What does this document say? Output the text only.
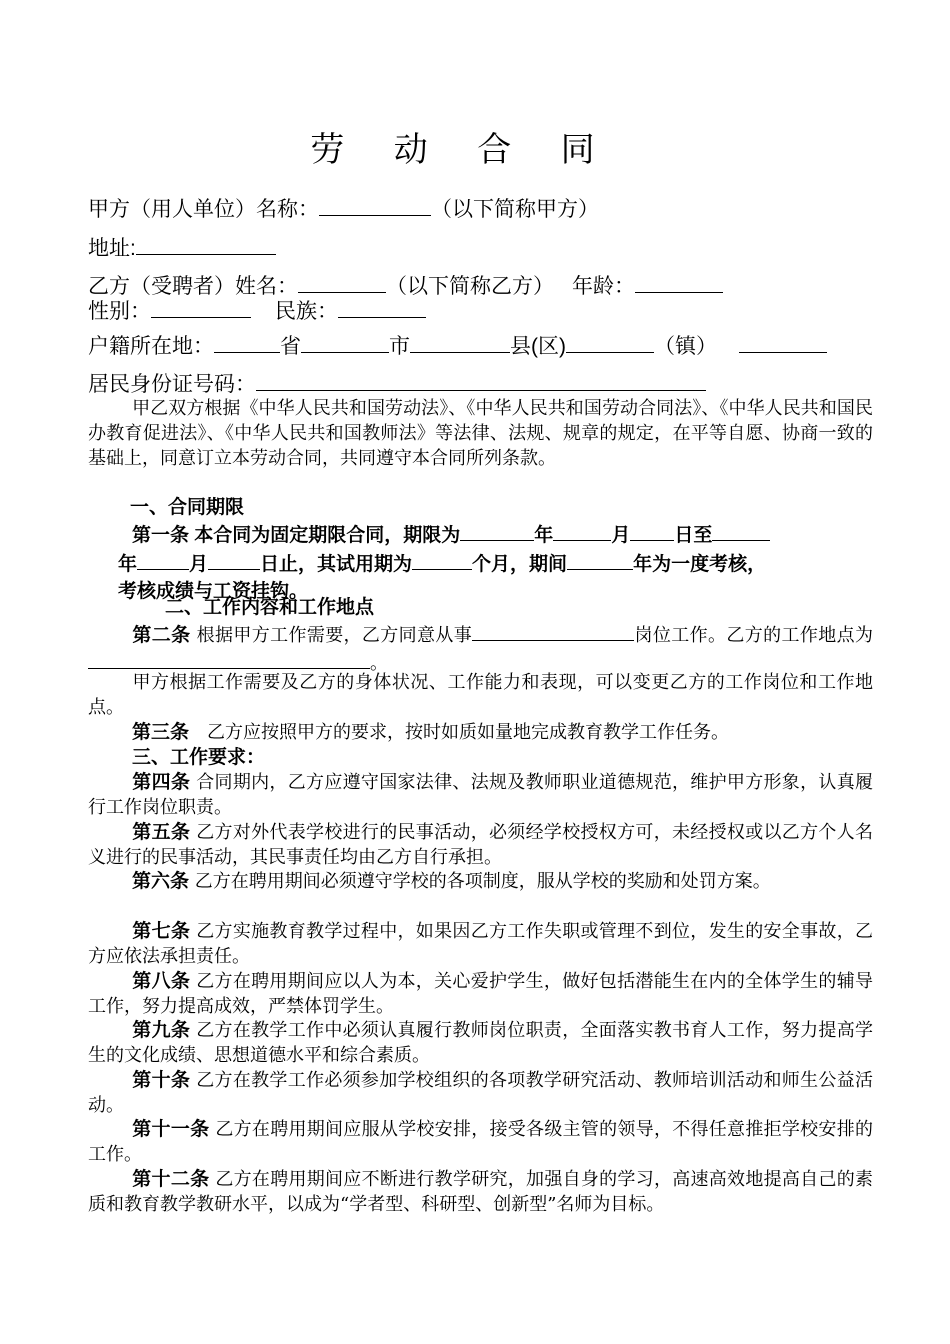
劳 动 合 同
甲方（用人单位）名称：	（以下简称甲方）
地址:
乙方（受聘者）姓名：	（以下简称乙方） 年龄：
性别：	民族：
户籍所在地：	省	市	县(区)	（镇）
居民身份证号码：
甲乙双方根据《中华人民共和国劳动法》、《中华人民共和国劳动合同法》、《中华人民共和国民办教育促进法》、《中华人民共和国教师法》等法律、法规、规章的规定，在平等自愿、协商一致的基础上，同意订立本劳动合同，共同遵守本合同所列条款。
一、合同期限
第一条 本合同为固定期限合同，期限为	年	月 日至
年	月	日止，其试用期为	个月，期间	年为一度考核，
考核成绩与工资挂钩。
二、工作内容和工作地点
第二条 根据甲方工作需要，乙方同意从事	岗位工作。乙方的工作地点为。
甲方根据工作需要及乙方的身体状况、工作能力和表现，可以变更乙方的工作岗位和工作地点。
第三条　乙方应按照甲方的要求，按时如质如量地完成教育教学工作任务。
三、工作要求：
第四条 合同期内，乙方应遵守国家法律、法规及教师职业道德规范，维护甲方形象，认真履行工作岗位职责。
第五条 乙方对外代表学校进行的民事活动，必须经学校授权方可，未经授权或以乙方个人名义进行的民事活动，其民事责任均由乙方自行承担。
第六条 乙方在聘用期间必须遵守学校的各项制度，服从学校的奖励和处罚方案。
第七条 乙方实施教育教学过程中，如果因乙方工作失职或管理不到位，发生的安全事故，乙方应依法承担责任。
第八条 乙方在聘用期间应以人为本，关心爱护学生，做好包括潜能生在内的全体学生的辅导工作，努力提高成效，严禁体罚学生。
第九条 乙方在教学工作中必须认真履行教师岗位职责，全面落实教书育人工作，努力提高学生的文化成绩、思想道德水平和综合素质。
第十条 乙方在教学工作必须参加学校组织的各项教学研究活动、教师培训活动和师生公益活动。
第十一条 乙方在聘用期间应服从学校安排，接受各级主管的领导，不得任意推拒学校安排的工作。
第十二条 乙方在聘用期间应不断进行教学研究，加强自身的学习，高速高效地提高自己的素质和教育教学教研水平，以成为“学者型、科研型、创新型”名师为目标。
